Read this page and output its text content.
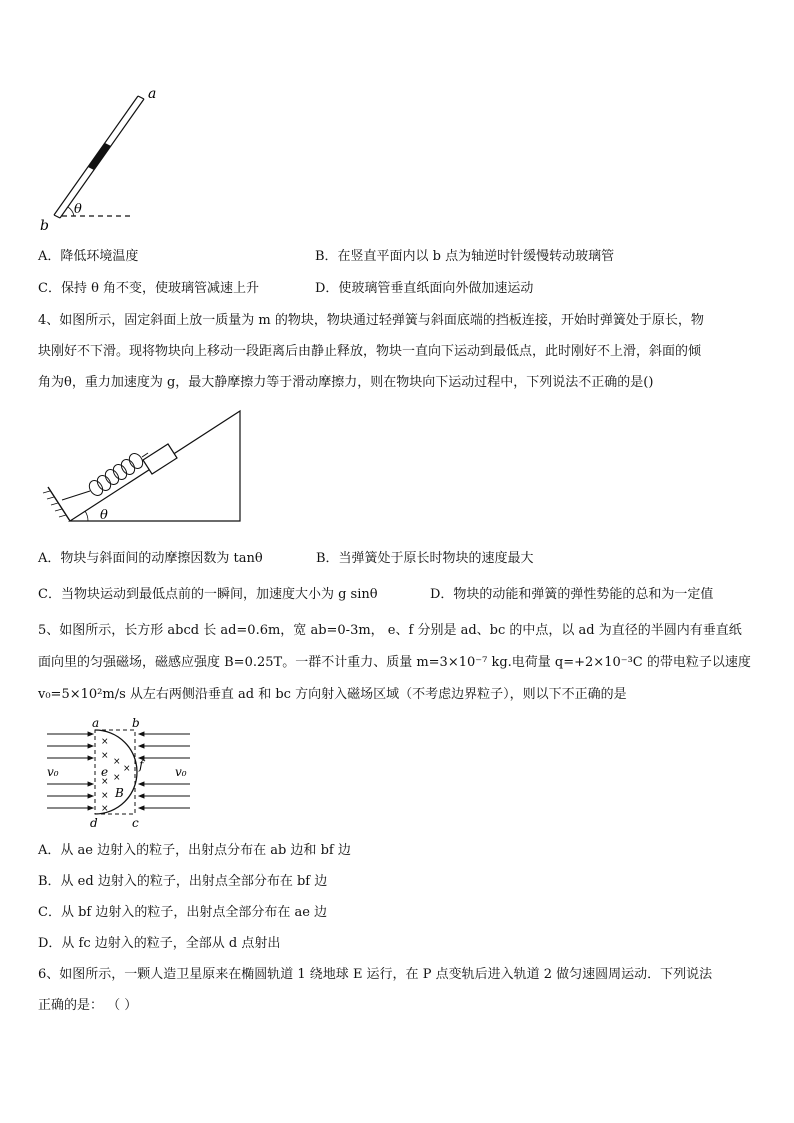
a
b
θ
A．降低环境温度	B．在竖直平面内以 b 点为轴逆时针缓慢转动玻璃管
C．保持 θ 角不变，使玻璃管减速上升	D．使玻璃管垂直纸面向外做加速运动
4、如图所示，固定斜面上放一质量为 m 的物块，物块通过轻弹簧与斜面底端的挡板连接，开始时弹簧处于原长，物
块刚好不下滑。现将物块向上移动一段距离后由静止释放，物块一直向下运动到最低点，此时刚好不上滑，斜面的倾
角为θ，重力加速度为 g，最大静摩擦力等于滑动摩擦力，则在物块向下运动过程中，下列说法不正确的是()
θ
A．物块与斜面间的动摩擦因数为 tanθ	B．当弹簧处于原长时物块的速度最大
C．当物块运动到最低点前的一瞬间，加速度大小为 g sinθ	D．物块的动能和弹簧的弹性势能的总和为一定值
5、如图所示，长方形 abcd 长 ad=0.6m，宽 ab=0-3m， e、f 分别是 ad、bc 的中点，以 ad 为直径的半圆内有垂直纸
面向里的匀强磁场，磁感应强度 B=0.25T。一群不计重力、质量 m=3×10⁻⁷ kg.电荷量 q=+2×10⁻³C 的带电粒子以速度
v₀=5×10²m/s 从左右两侧沿垂直 ad 和 bc 方向射入磁场区域（不考虑边界粒子），则以下不正确的是
×
×
×
×
×
×
×
×
a	b
d	c
e	f
B
v₀	v₀
A．从 ae 边射入的粒子，出射点分布在 ab 边和 bf 边
B．从 ed 边射入的粒子，出射点全部分布在 bf 边
C．从 bf 边射入的粒子，出射点全部分布在 ae 边
D．从 fc 边射入的粒子，全部从 d 点射出
6、如图所示，一颗人造卫星原来在椭圆轨道 1 绕地球 E 运行，在 P 点变轨后进入轨道 2 做匀速圆周运动．下列说法
正确的是： （ ）
